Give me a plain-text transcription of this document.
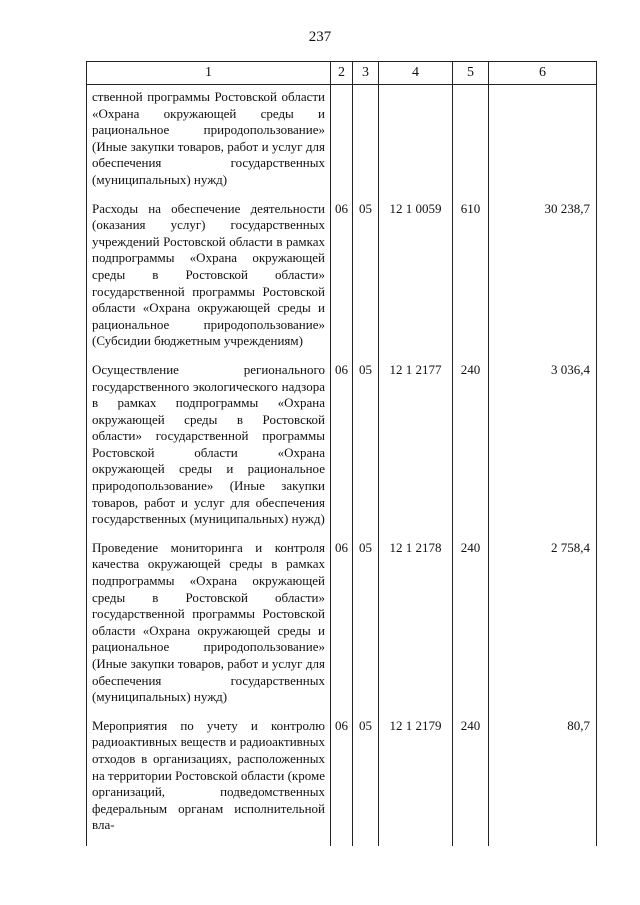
237
1	2	3	4	5	6
ственной программы Ростовской области «Охрана окружающей среды и рациональное природопользование» (Иные закупки товаров, работ и услуг для обеспечения государственных (муниципальных) нужд)					
Расходы на обеспечение деятельности (оказания услуг) государственных учреждений Ростовской области в рамках подпрограммы «Охрана окружающей среды в Ростовской области» государственной программы Ростовской области «Охрана окружающей среды и рациональное природопользование» (Субсидии бюджетным учреждениям)	06	05	12 1 0059	610	30 238,7
Осуществление регионального государственного экологического надзора в рамках подпрограммы «Охрана окружающей среды в Ростовской области» государственной программы Ростовской области «Охрана окружающей среды и рациональное природопользование» (Иные закупки товаров, работ и услуг для обеспечения государственных (муниципальных) нужд)	06	05	12 1 2177	240	3 036,4
Проведение мониторинга и контроля качества окружающей среды в рамках подпрограммы «Охрана окружающей среды в Ростовской области» государственной программы Ростовской области «Охрана окружающей среды и рациональное природопользование» (Иные закупки товаров, работ и услуг для обеспечения государственных (муниципальных) нужд)	06	05	12 1 2178	240	2 758,4
Мероприятия по учету и контролю радиоактивных веществ и радиоактивных отходов в организациях, расположенных на территории Ростовской области (кроме организаций, подведомственных федеральным органам исполнительной вла-	06	05	12 1 2179	240	80,7
